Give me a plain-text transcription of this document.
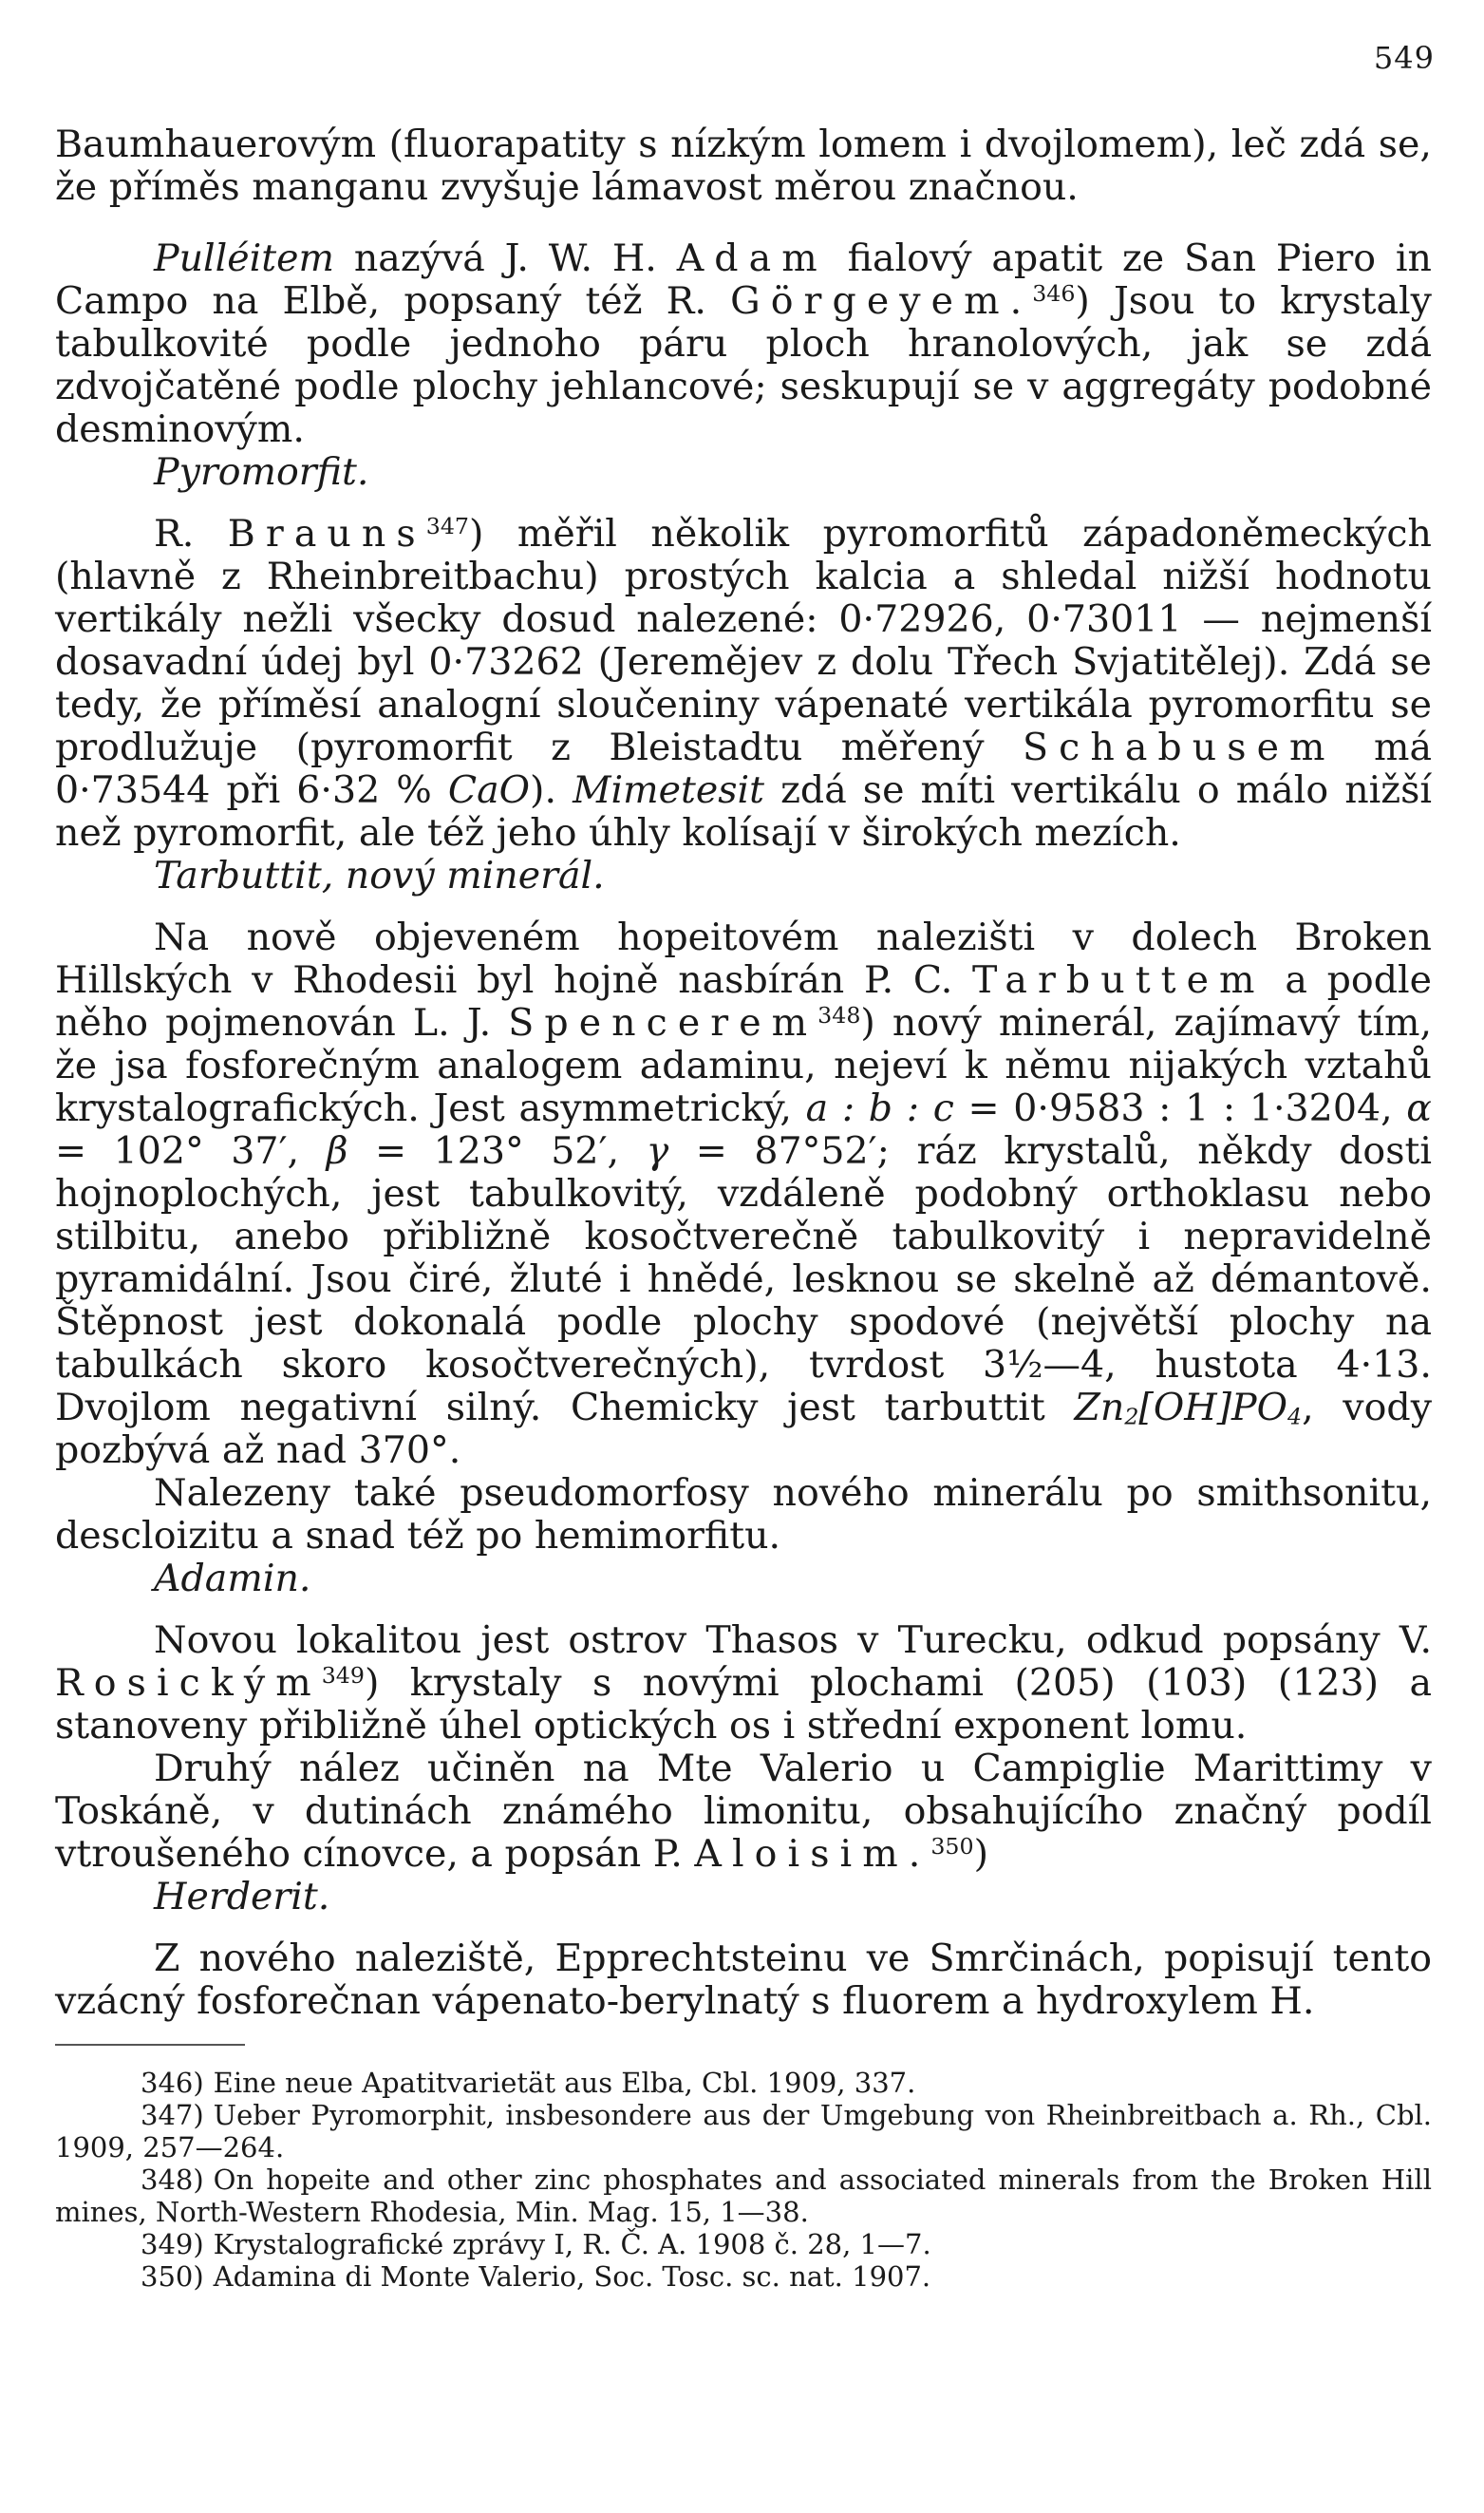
549

Baumhauerovým (fluorapatity s nízkým lomem i dvojlomem), leč zdá se, že příměs manganu zvyšuje lámavost měrou značnou.

Pulléitem nazývá J. W. H. Adam fialový apatit ze San Piero in Campo na Elbě, popsaný též R. Görgeyem.$^{346}$) Jsou to krystaly tabulkovité podle jednoho páru ploch hranolových, jak se zdá zdvojčatěné podle plochy jehlancové; seskupují se v aggregáty podobné desminovým.

Pyromorfit.

R. Brauns$^{347}$) měřil několik pyromorfitů západoněmeckých (hlavně z Rheinbreitbachu) prostých kalcia a shledal nižší hodnotu vertikály nežli všecky dosud nalezené: 0·72926, 0·73011 — nejmenší dosavadní údej byl 0·73262 (Jeremějev z dolu Třech Svjatitělej). Zdá se tedy, že příměsí analogní sloučeniny vápenaté vertikála pyromorfitu se prodlužuje (pyromorfit z Bleistadtu měřený Schabusem má 0·73544 při 6·32 % CaO). Mimetesit zdá se míti vertikálu o málo nižší než pyromorfit, ale též jeho úhly kolísají v širokých mezích.

Tarbuttit, nový minerál.

Na nově objeveném hopeitovém nalezišti v dolech Broken Hillských v Rhodesii byl hojně nasbírán P. C. Tarbuttem a podle něho pojmenován L. J. Spencerem$^{348}$) nový minerál, zajímavý tím, že jsa fosforečným analogem adaminu, nejeví k němu nijakých vztahů krystalografických. Jest asymmetrický, a : b : c = 0·9583 : 1 : 1·3204, α = 102° 37′, β = 123° 52′, γ = 87°52′; ráz krystalů, někdy dosti hojnoplochých, jest tabulkovitý, vzdáleně podobný orthoklasu nebo stilbitu, anebo přibližně kosočtverečně tabulkovitý i nepravidelně pyramidální. Jsou čiré, žluté i hnědé, lesknou se skelně až démantově. Štěpnost jest dokonalá podle plochy spodové (největší plochy na tabulkách skoro kosočtverečných), tvrdost 3½—4, hustota 4·13. Dvojlom negativní silný. Chemicky jest tarbuttit $Zn_2[OH]PO_4$, vody pozbývá až nad 370°.

Nalezeny také pseudomorfosy nového minerálu po smithsonitu, descloizitu a snad též po hemimorfitu.

Adamin.

Novou lokalitou jest ostrov Thasos v Turecku, odkud popsány V. Rosickým$^{349}$) krystaly s novými plochami (205) (103) (123) a stanoveny přibližně úhel optických os i střední exponent lomu.

Druhý nález učiněn na Mte Valerio u Campiglie Marittimy v Toskáně, v dutinách známého limonitu, obsahujícího značný podíl vtroušeného cínovce, a popsán P. Aloisim.$^{350}$)

Herderit.

Z nového naleziště, Epprechtsteinu ve Smrčinách, popisují tento vzácný fosforečnan vápenato-berylnatý s fluorem a hydroxylem H.

346) Eine neue Apatitvarietät aus Elba, Cbl. 1909, 337.

347) Ueber Pyromorphit, insbesondere aus der Umgebung von Rheinbreitbach a. Rh., Cbl. 1909, 257—264.

348) On hopeite and other zinc phosphates and associated minerals from the Broken Hill mines, North-Western Rhodesia, Min. Mag. 15, 1—38.

349) Krystalografické zprávy I, R. Č. A. 1908 č. 28, 1—7.

350) Adamina di Monte Valerio, Soc. Tosc. sc. nat. 1907.
